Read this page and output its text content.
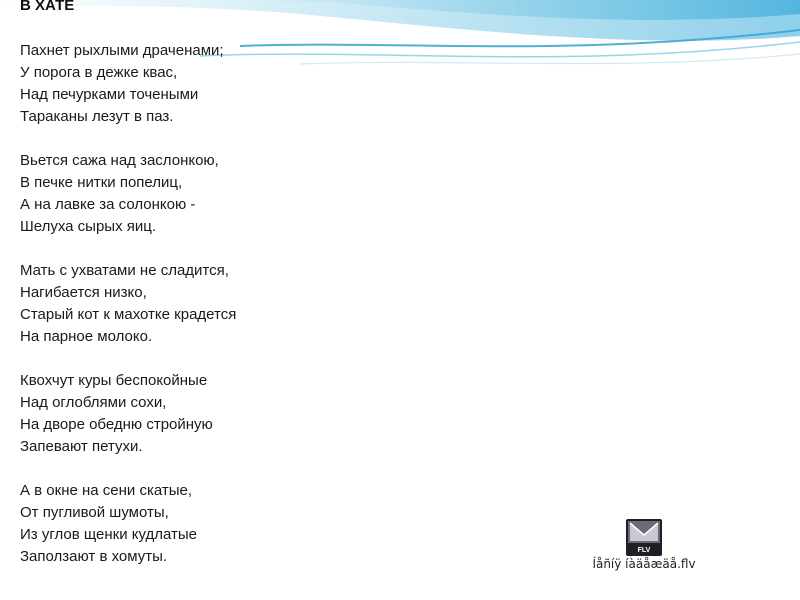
В ХАТЕ
Пахнет рыхлыми драченами;
У порога в дежке квас,
Над печурками точеными
Тараканы лезут в паз.
Вьется сажа над заслонкою,
В печке нитки попелиц,
А на лавке за солонкою -
Шелуха сырых яиц.
Мать с ухватами не сладится,
Нагибается низко,
Старый кот к махотке крадется
На парное молоко.
Квохчут куры беспокойные
Над оглоблями сохи,
На дворе обедню стройную
Запевают петухи.
А в окне на сени скатые,
От пугливой шумоты,
Из углов щенки кудлатые
Заползают в хомуты.	FLV
Íåñíÿ íàäåæäå.flv
